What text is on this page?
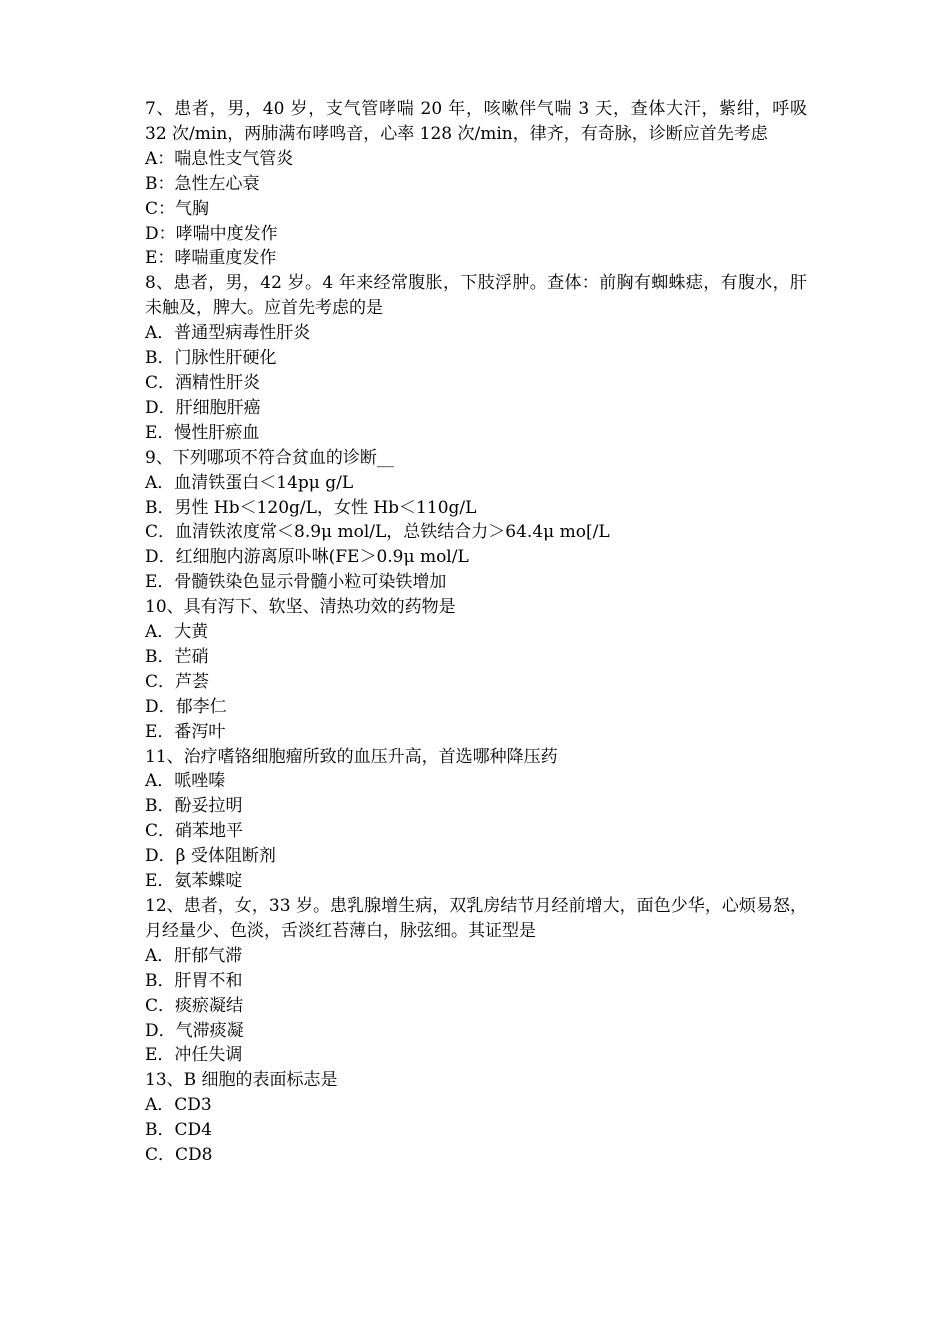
7、患者，男，40 岁，支气管哮喘 20 年，咳嗽伴气喘 3 天，查体大汗，紫绀，呼吸 32 次/min，两肺满布哮鸣音，心率 128 次/min，律齐，有奇脉，诊断应首先考虑

A：喘息性支气管炎

B：急性左心衰

C：气胸

D：哮喘中度发作

E：哮喘重度发作

8、患者，男，42 岁。4 年来经常腹胀，下肢浮肿。查体：前胸有蜘蛛痣，有腹水，肝未触及，脾大。应首先考虑的是

A．普通型病毒性肝炎

B．门脉性肝硬化

C．酒精性肝炎

D．肝细胞肝癌

E．慢性肝瘀血

9、下列哪项不符合贫血的诊断__

A．血清铁蛋白＜14pμ g/L

B．男性 Hb＜120g/L，女性 Hb＜110g/L

C．血清铁浓度常＜8.9μ mol/L，总铁结合力＞64.4μ mo[/L

D．红细胞内游离原卟啉(FE＞0.9μ mol/L

E．骨髓铁染色显示骨髓小粒可染铁增加

10、具有泻下、软坚、清热功效的药物是

A．大黄

B．芒硝

C．芦荟

D．郁李仁

E．番泻叶

11、治疗嗜铬细胞瘤所致的血压升高，首选哪种降压药

A．哌唑嗪

B．酚妥拉明

C．硝苯地平

D．β 受体阻断剂

E．氨苯蝶啶

12、患者，女，33 岁。患乳腺增生病，双乳房结节月经前增大，面色少华，心烦易怒，月经量少、色淡，舌淡红苔薄白，脉弦细。其证型是

A．肝郁气滞

B．肝胃不和

C．痰瘀凝结

D．气滞痰凝

E．冲任失调

13、B 细胞的表面标志是

A．CD3

B．CD4

C．CD8
